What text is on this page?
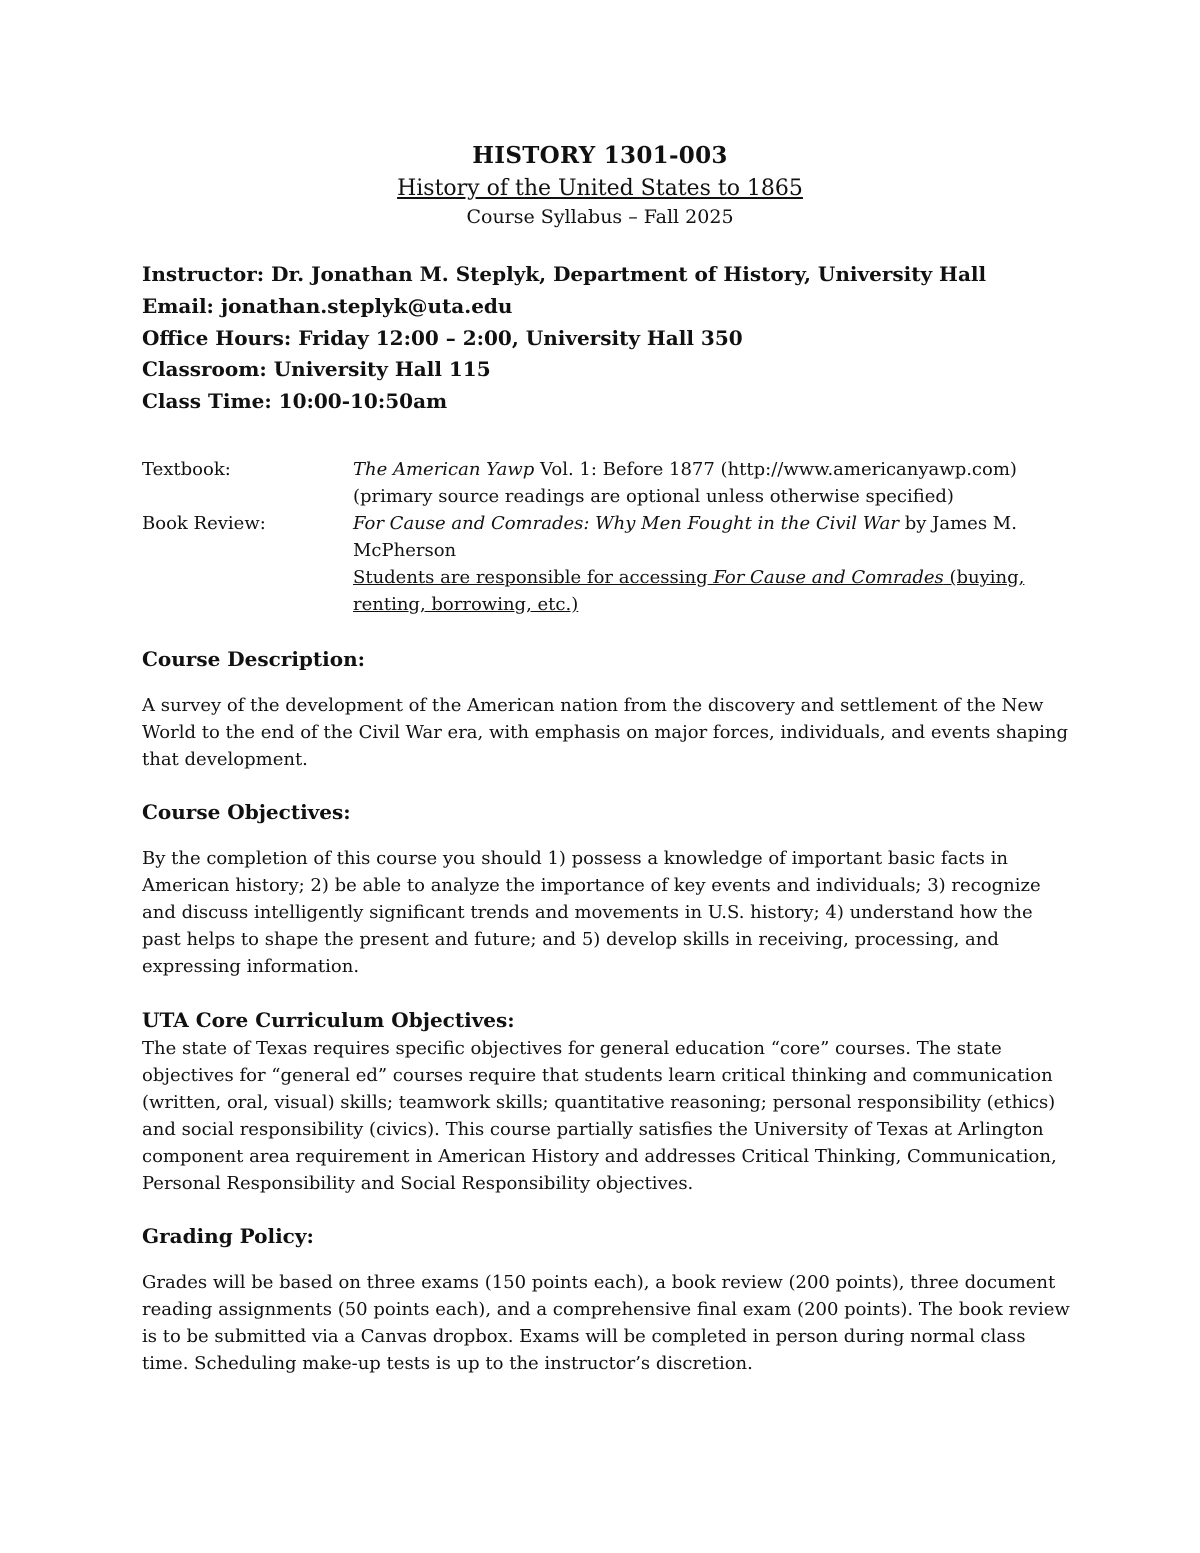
HISTORY 1301-003
History of the United States to 1865
Course Syllabus – Fall 2025
Instructor: Dr. Jonathan M. Steplyk, Department of History, University Hall
Email: jonathan.steplyk@uta.edu
Office Hours: Friday 12:00 – 2:00, University Hall 350
Classroom: University Hall 115
Class Time: 10:00-10:50am
Textbook:	The American Yawp Vol. 1: Before 1877 (http://www.americanyawp.com)
(primary source readings are optional unless otherwise specified)
Book Review:	For Cause and Comrades: Why Men Fought in the Civil War by James M.
McPherson
Students are responsible for accessing For Cause and Comrades (buying,
renting, borrowing, etc.)
Course Description:
A survey of the development of the American nation from the discovery and settlement of the New World to the end of the Civil War era, with emphasis on major forces, individuals, and events shaping that development.
Course Objectives:
By the completion of this course you should 1) possess a knowledge of important basic facts in American history; 2) be able to analyze the importance of key events and individuals; 3) recognize and discuss intelligently significant trends and movements in U.S. history; 4) understand how the past helps to shape the present and future; and 5) develop skills in receiving, processing, and expressing information.
UTA Core Curriculum Objectives:
The state of Texas requires specific objectives for general education “core” courses. The state objectives for “general ed” courses require that students learn critical thinking and communication (written, oral, visual) skills; teamwork skills; quantitative reasoning; personal responsibility (ethics) and social responsibility (civics). This course partially satisfies the University of Texas at Arlington component area requirement in American History and addresses Critical Thinking, Communication, Personal Responsibility and Social Responsibility objectives.
Grading Policy:
Grades will be based on three exams (150 points each), a book review (200 points), three document reading assignments (50 points each), and a comprehensive final exam (200 points). The book review is to be submitted via a Canvas dropbox. Exams will be completed in person during normal class time. Scheduling make-up tests is up to the instructor’s discretion.
